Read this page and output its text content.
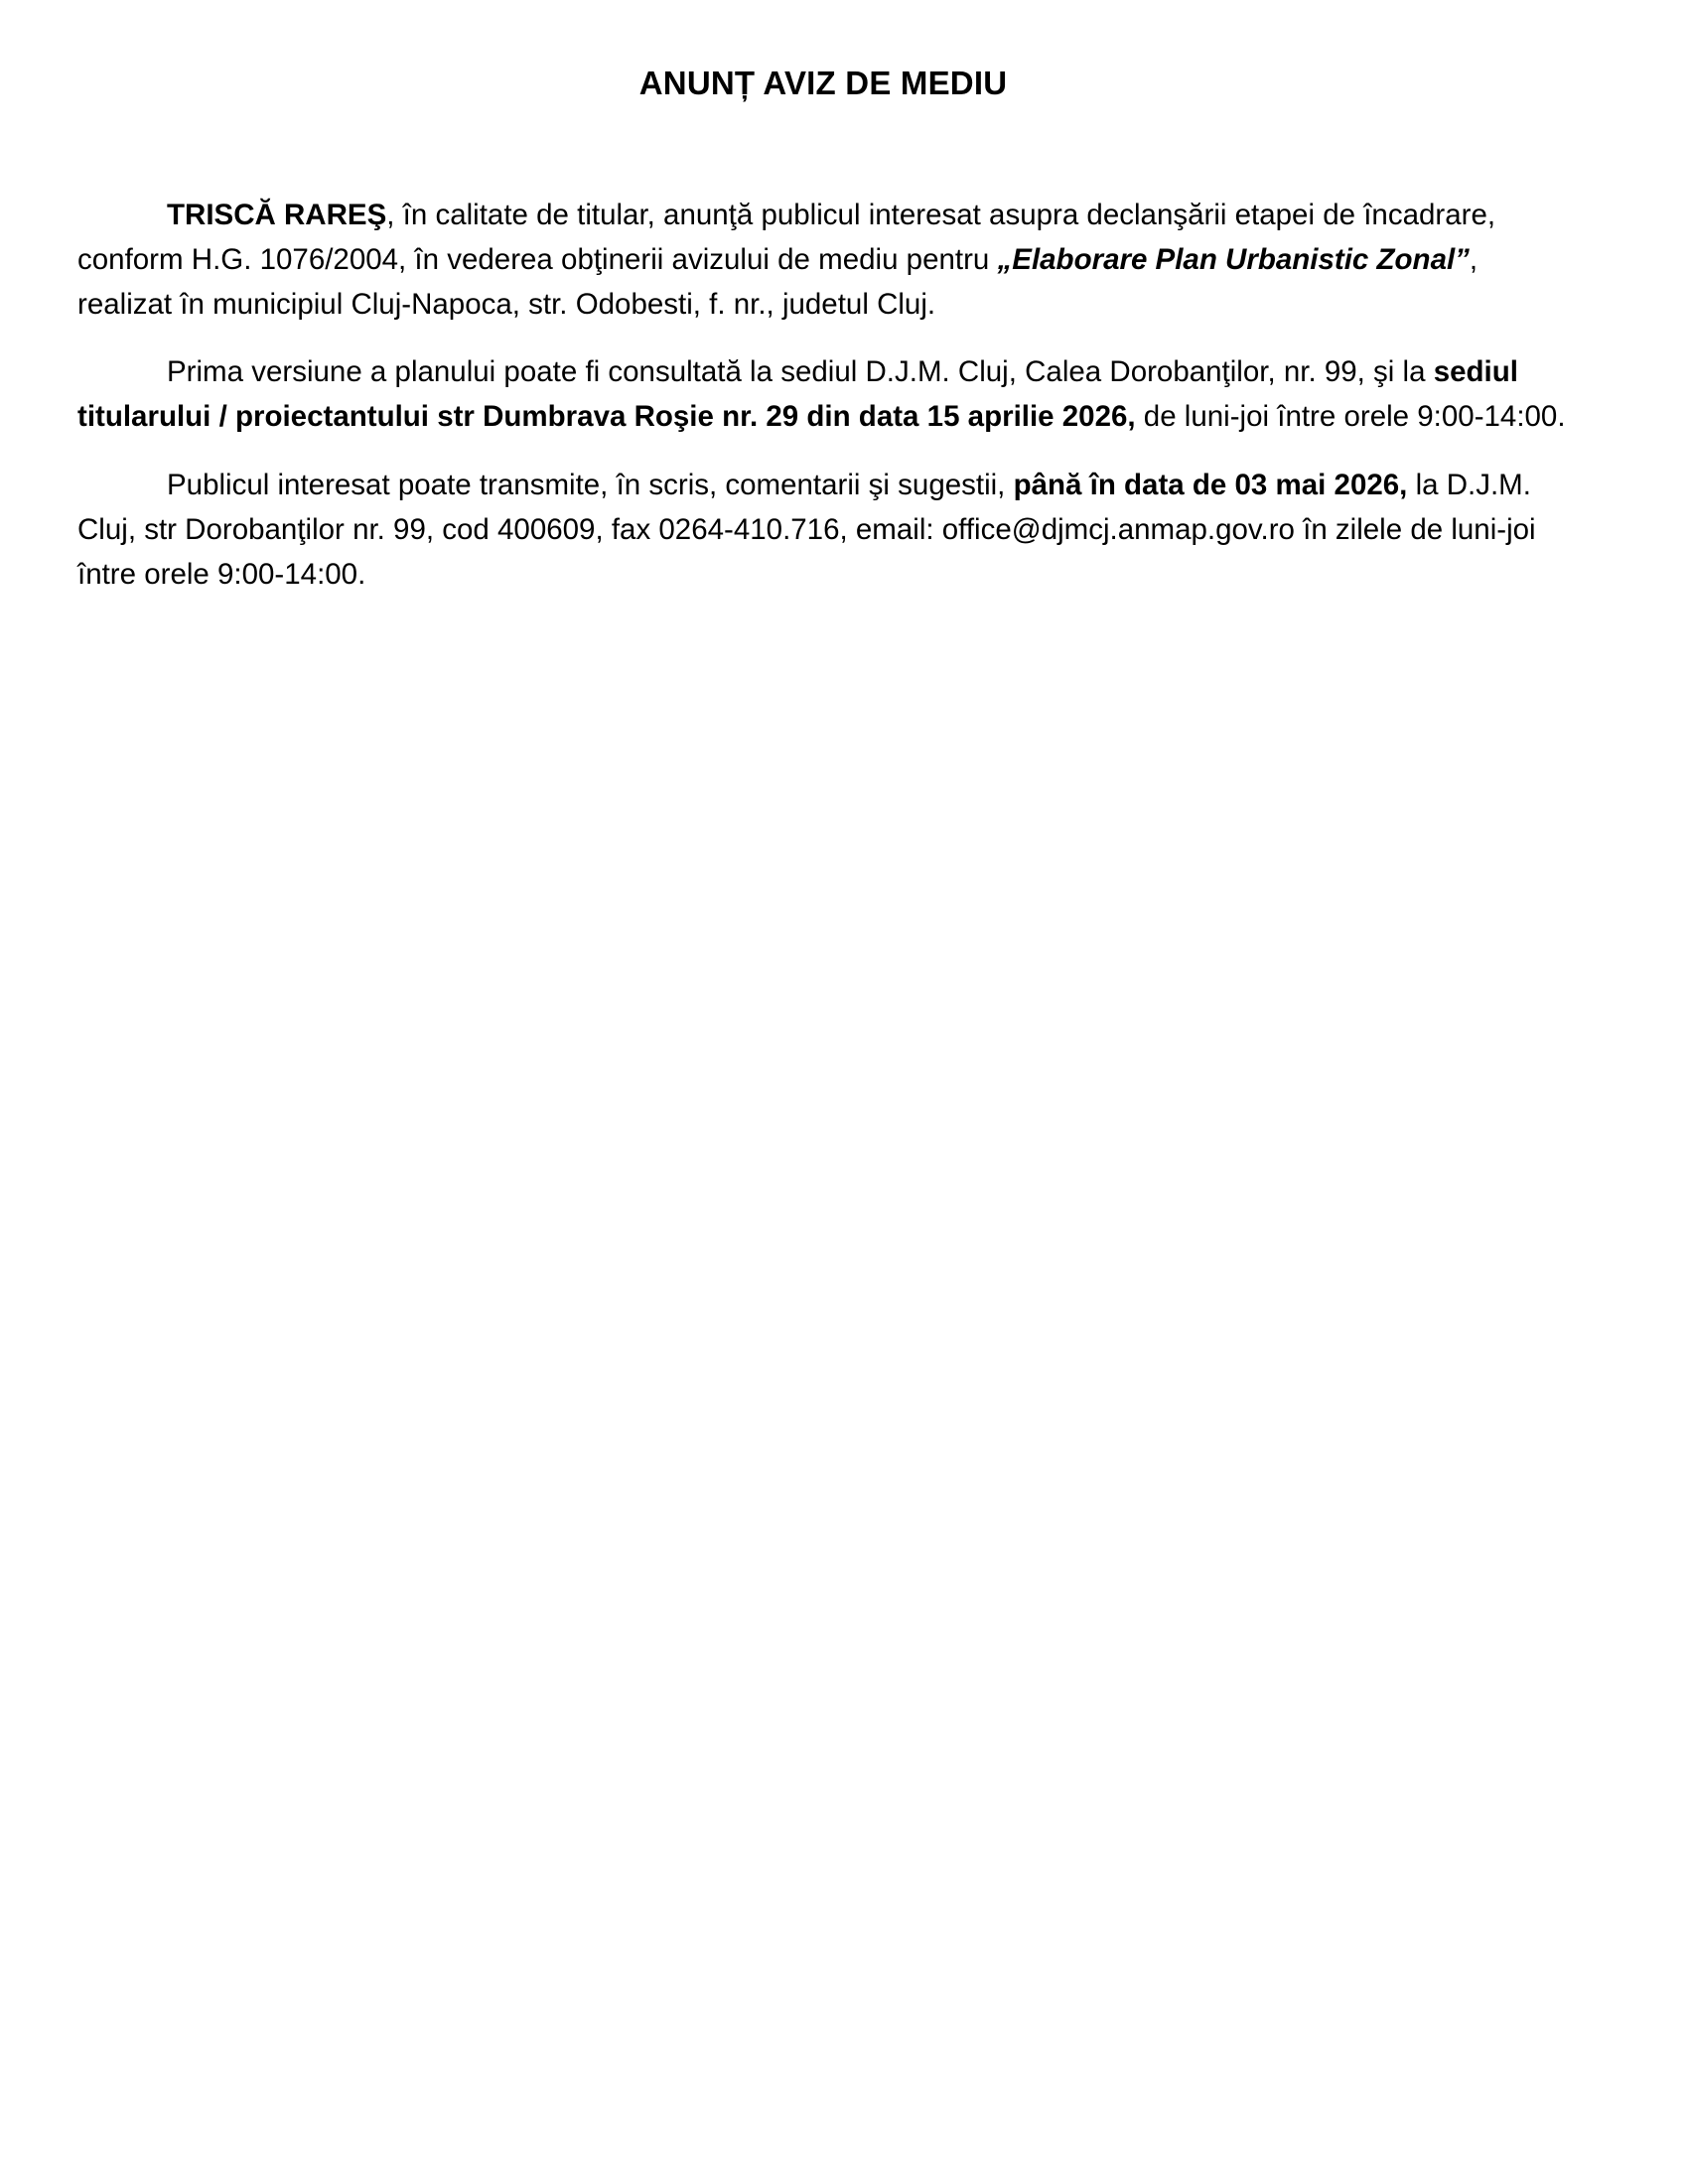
ANUNȚ AVIZ DE MEDIU

TRISCĂ RAREŞ, în calitate de titular, anunţă publicul interesat asupra declanşării etapei de încadrare, conform H.G. 1076/2004, în vederea obţinerii avizului de mediu pentru „Elaborare Plan Urbanistic Zonal”, realizat în municipiul Cluj-Napoca, str. Odobesti, f. nr., judetul Cluj.

Prima versiune a planului poate fi consultată la sediul D.J.M. Cluj, Calea Dorobanţilor, nr. 99, şi la sediul titularului / proiectantului str Dumbrava Roşie nr. 29 din data 15 aprilie 2026, de luni-joi între orele 9:00-14:00.

Publicul interesat poate transmite, în scris, comentarii şi sugestii, până în data de 03 mai 2026, la D.J.M. Cluj, str Dorobanţilor nr. 99, cod 400609, fax 0264-410.716, email: office@djmcj.anmap.gov.ro în zilele de luni-joi între orele 9:00-14:00.
